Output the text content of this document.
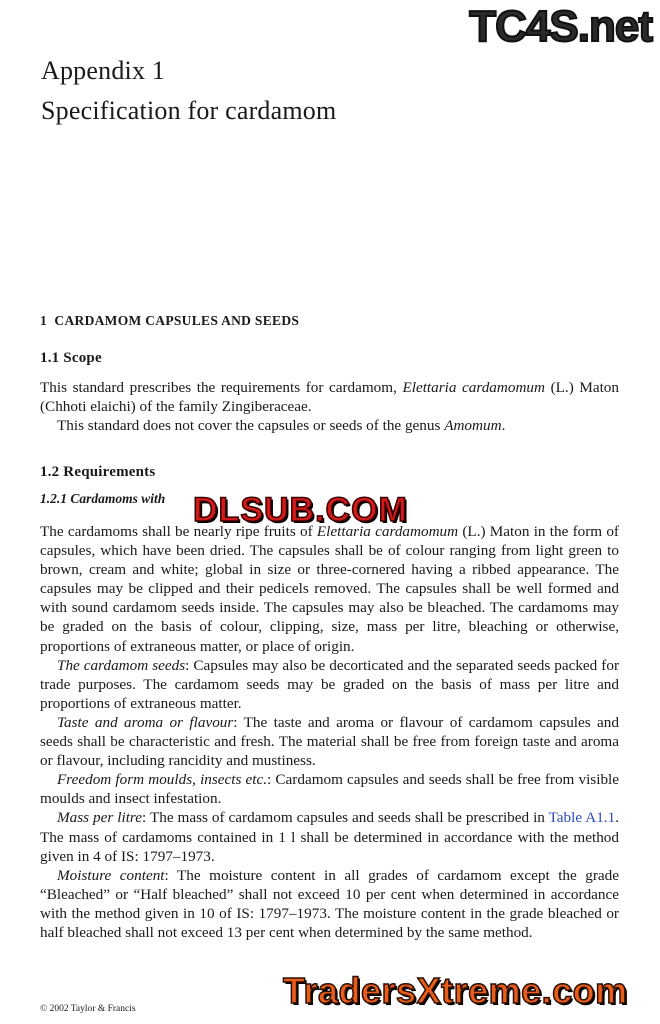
TC4S.net
Appendix 1
Specification for cardamom
1 CARDAMOM CAPSULES AND SEEDS
1.1 Scope

This standard prescribes the requirements for cardamom, Elettaria cardamomum (L.) Maton (Chhoti elaichi) of the family Zingiberaceae.

This standard does not cover the capsules or seeds of the genus Amomum.

1.2 Requirements
1.2.1 Cardamoms with

The cardamoms shall be nearly ripe fruits of Elettaria cardamomum (L.) Maton in the form of capsules, which have been dried. The capsules shall be of colour ranging from light green to brown, cream and white; global in size or three-cornered having a ribbed appearance. The capsules may be clipped and their pedicels removed. The capsules shall be well formed and with sound cardamom seeds inside. The capsules may also be bleached. The cardamoms may be graded on the basis of colour, clipping, size, mass per litre, bleaching or otherwise, proportions of extraneous matter, or place of origin.

The cardamom seeds: Capsules may also be decorticated and the separated seeds packed for trade purposes. The cardamom seeds may be graded on the basis of mass per litre and proportions of extraneous matter.

Taste and aroma or flavour: The taste and aroma or flavour of cardamom capsules and seeds shall be characteristic and fresh. The material shall be free from foreign taste and aroma or flavour, including rancidity and mustiness.

Freedom form moulds, insects etc.: Cardamom capsules and seeds shall be free from visible moulds and insect infestation.

Mass per litre: The mass of cardamom capsules and seeds shall be prescribed in Table A1.1. The mass of cardamoms contained in 1 l shall be determined in accordance with the method given in 4 of IS: 1797–1973.

Moisture content: The moisture content in all grades of cardamom except the grade “Bleached” or “Half bleached” shall not exceed 10 per cent when determined in accordance with the method given in 10 of IS: 1797–1973. The moisture content in the grade bleached or half bleached shall not exceed 13 per cent when determined by the same method.

DLSUB.COM
© 2002 Taylor & Francis	TradersXtreme.com
